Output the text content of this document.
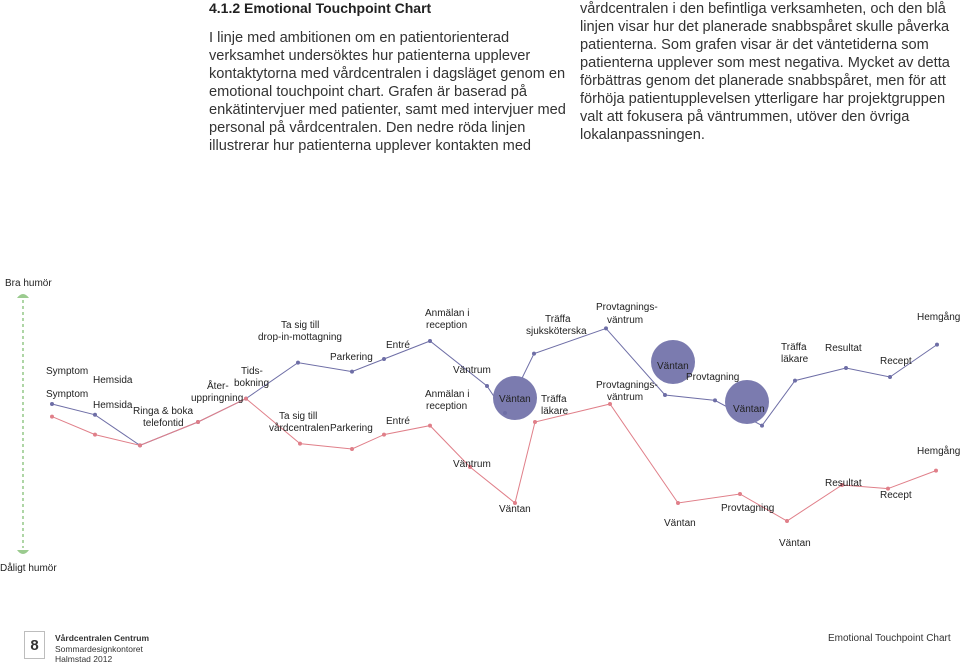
4.1.2 Emotional Touchpoint Chart

I linje med ambitionen om en patientorienterad verksamhet undersöktes hur patienterna upplever kontaktytorna med vårdcentralen i dagsläget genom en emotional touchpoint chart. Grafen är baserad på enkätintervjuer med patienter, samt med intervjuer med personal på vårdcentralen. Den nedre röda linjen illustrerar hur patienterna upplever kontakten med

vårdcentralen i den befintliga verksamheten, och den blå linjen visar hur det planerade snabbspåret skulle påverka patienterna. Som grafen visar är det väntetiderna som patienterna upplever som mest negativa. Mycket av detta förbättras genom det planerade snabbspåret, men för att förhöja patientupplevelsen ytterligare har projektgruppen valt att fokusera på väntrummen, utöver den övriga lokalanpassningen.

Bra humör
Dåligt humör
Symptom
Symptom
Hemsida
Hemsida
Ringa & boka
telefontid
Åter-
uppringning
Tids-
bokning
Ta sig till
drop-in-mottagning
Ta sig till
vårdcentralen
Parkering
Parkering
Entré
Entré
Anmälan i
reception
Anmälan i
reception
Väntrum
Väntrum
Väntan
Väntan
Träffa
sjuksköterska
Träffa
läkare
Provtagnings-
väntrum
Provtagnings-
väntrum
Väntan
Väntan
Provtagning
Provtagning
Väntan
Väntan
Träffa
läkare
Resultat
Resultat
Recept
Recept
Hemgång
Hemgång
8	Vårdcentralen Centrum
Sommardesignkontoret
Halmstad 2012
Emotional Touchpoint Chart
